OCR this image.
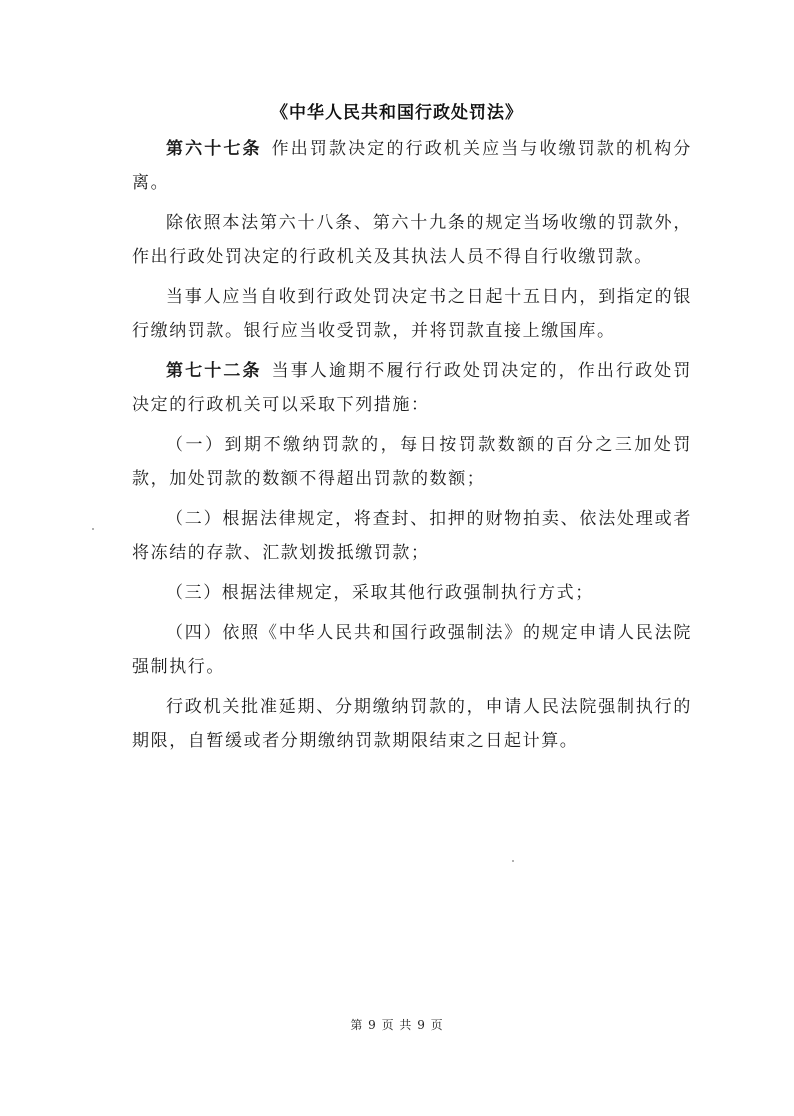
《中华人民共和国行政处罚法》

第六十七条 作出罚款决定的行政机关应当与收缴罚款的机构分离。

除依照本法第六十八条、第六十九条的规定当场收缴的罚款外，作出行政处罚决定的行政机关及其执法人员不得自行收缴罚款。

当事人应当自收到行政处罚决定书之日起十五日内，到指定的银行缴纳罚款。银行应当收受罚款，并将罚款直接上缴国库。

第七十二条 当事人逾期不履行行政处罚决定的，作出行政处罚决定的行政机关可以采取下列措施：

（一）到期不缴纳罚款的，每日按罚款数额的百分之三加处罚款，加处罚款的数额不得超出罚款的数额；

（二）根据法律规定，将查封、扣押的财物拍卖、依法处理或者将冻结的存款、汇款划拨抵缴罚款；

（三）根据法律规定，采取其他行政强制执行方式；

（四）依照《中华人民共和国行政强制法》的规定申请人民法院强制执行。

行政机关批准延期、分期缴纳罚款的，申请人民法院强制执行的期限，自暂缓或者分期缴纳罚款期限结束之日起计算。

第 9 页 共 9 页
